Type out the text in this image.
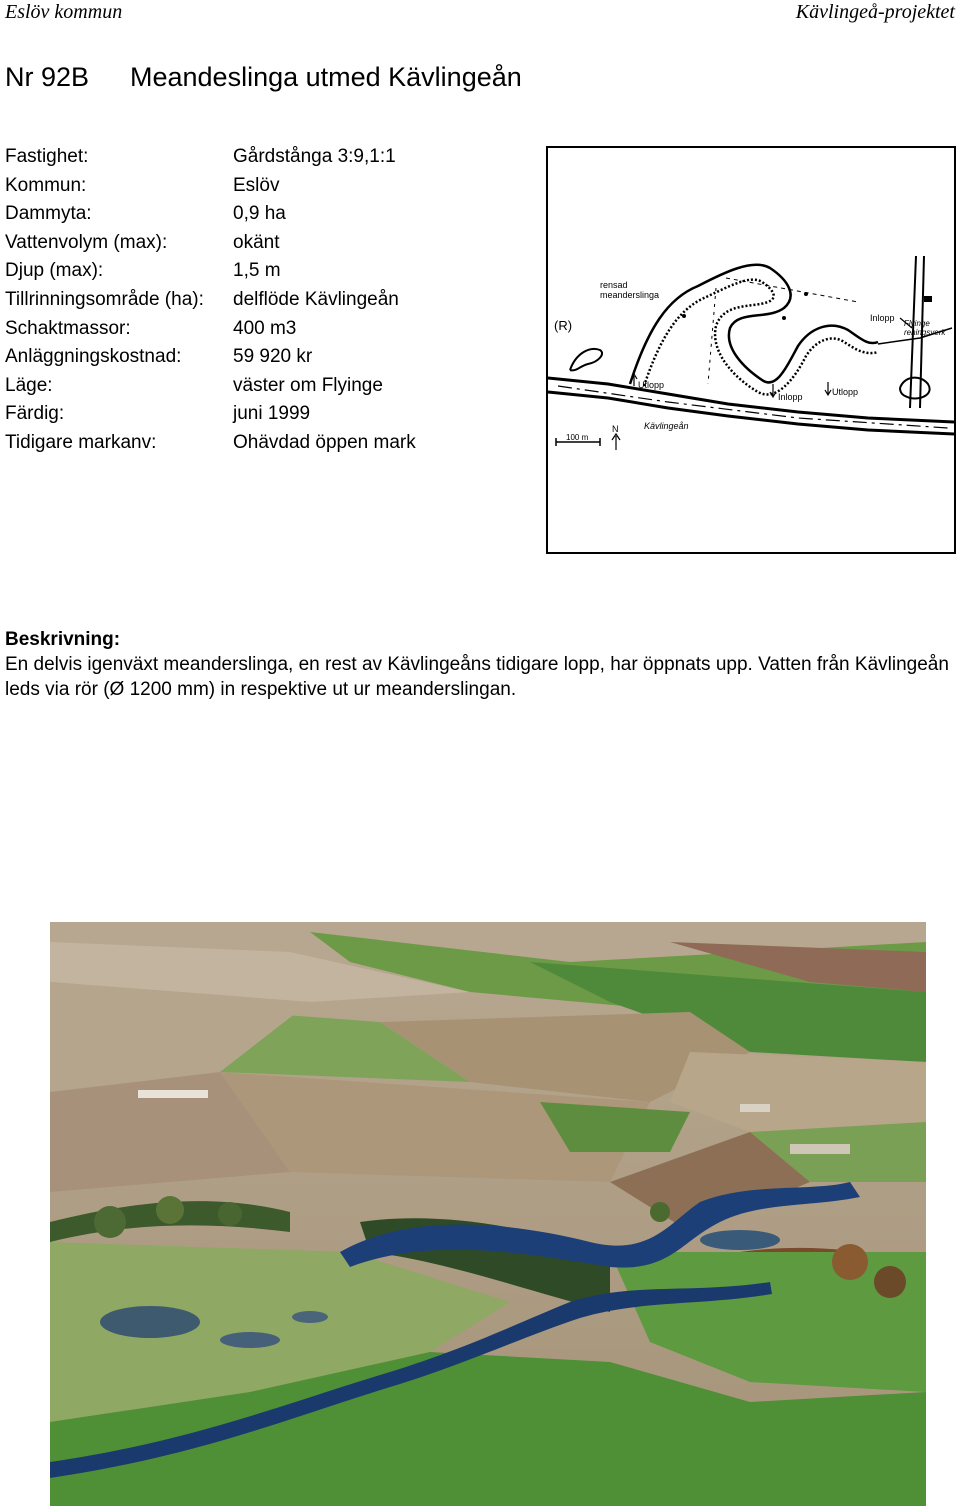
Eslöv kommun	Kävlingeå-projektet
Nr 92B Meandeslinga utmed Kävlingeån
Fastighet:	Gårdstånga 3:9,1:1
Kommun:	Eslöv
Dammyta:	0,9 ha
Vattenvolym (max):	okänt
Djup (max):	1,5 m
Tillrinningsområde (ha): delflöde Kävlingeån
Schaktmassor:	400 m3
Anläggningskostnad:	59 920 kr
Läge:	väster om Flyinge
Färdig:	juni 1999
Tidigare markanv:	Ohävdad öppen mark
rensad
meanderslinga
(R)	Inlopp
Flyinge
reningsverk
Utlopp
Inlopp	Utlopp
N	Kävlingeån
100 m
Beskrivning:
En delvis igenväxt meanderslinga, en rest av Kävlingeåns tidigare lopp, har öppnats upp. Vatten från Kävlingeån leds via rör (Ø 1200 mm) in respektive ut ur meanderslingan.
